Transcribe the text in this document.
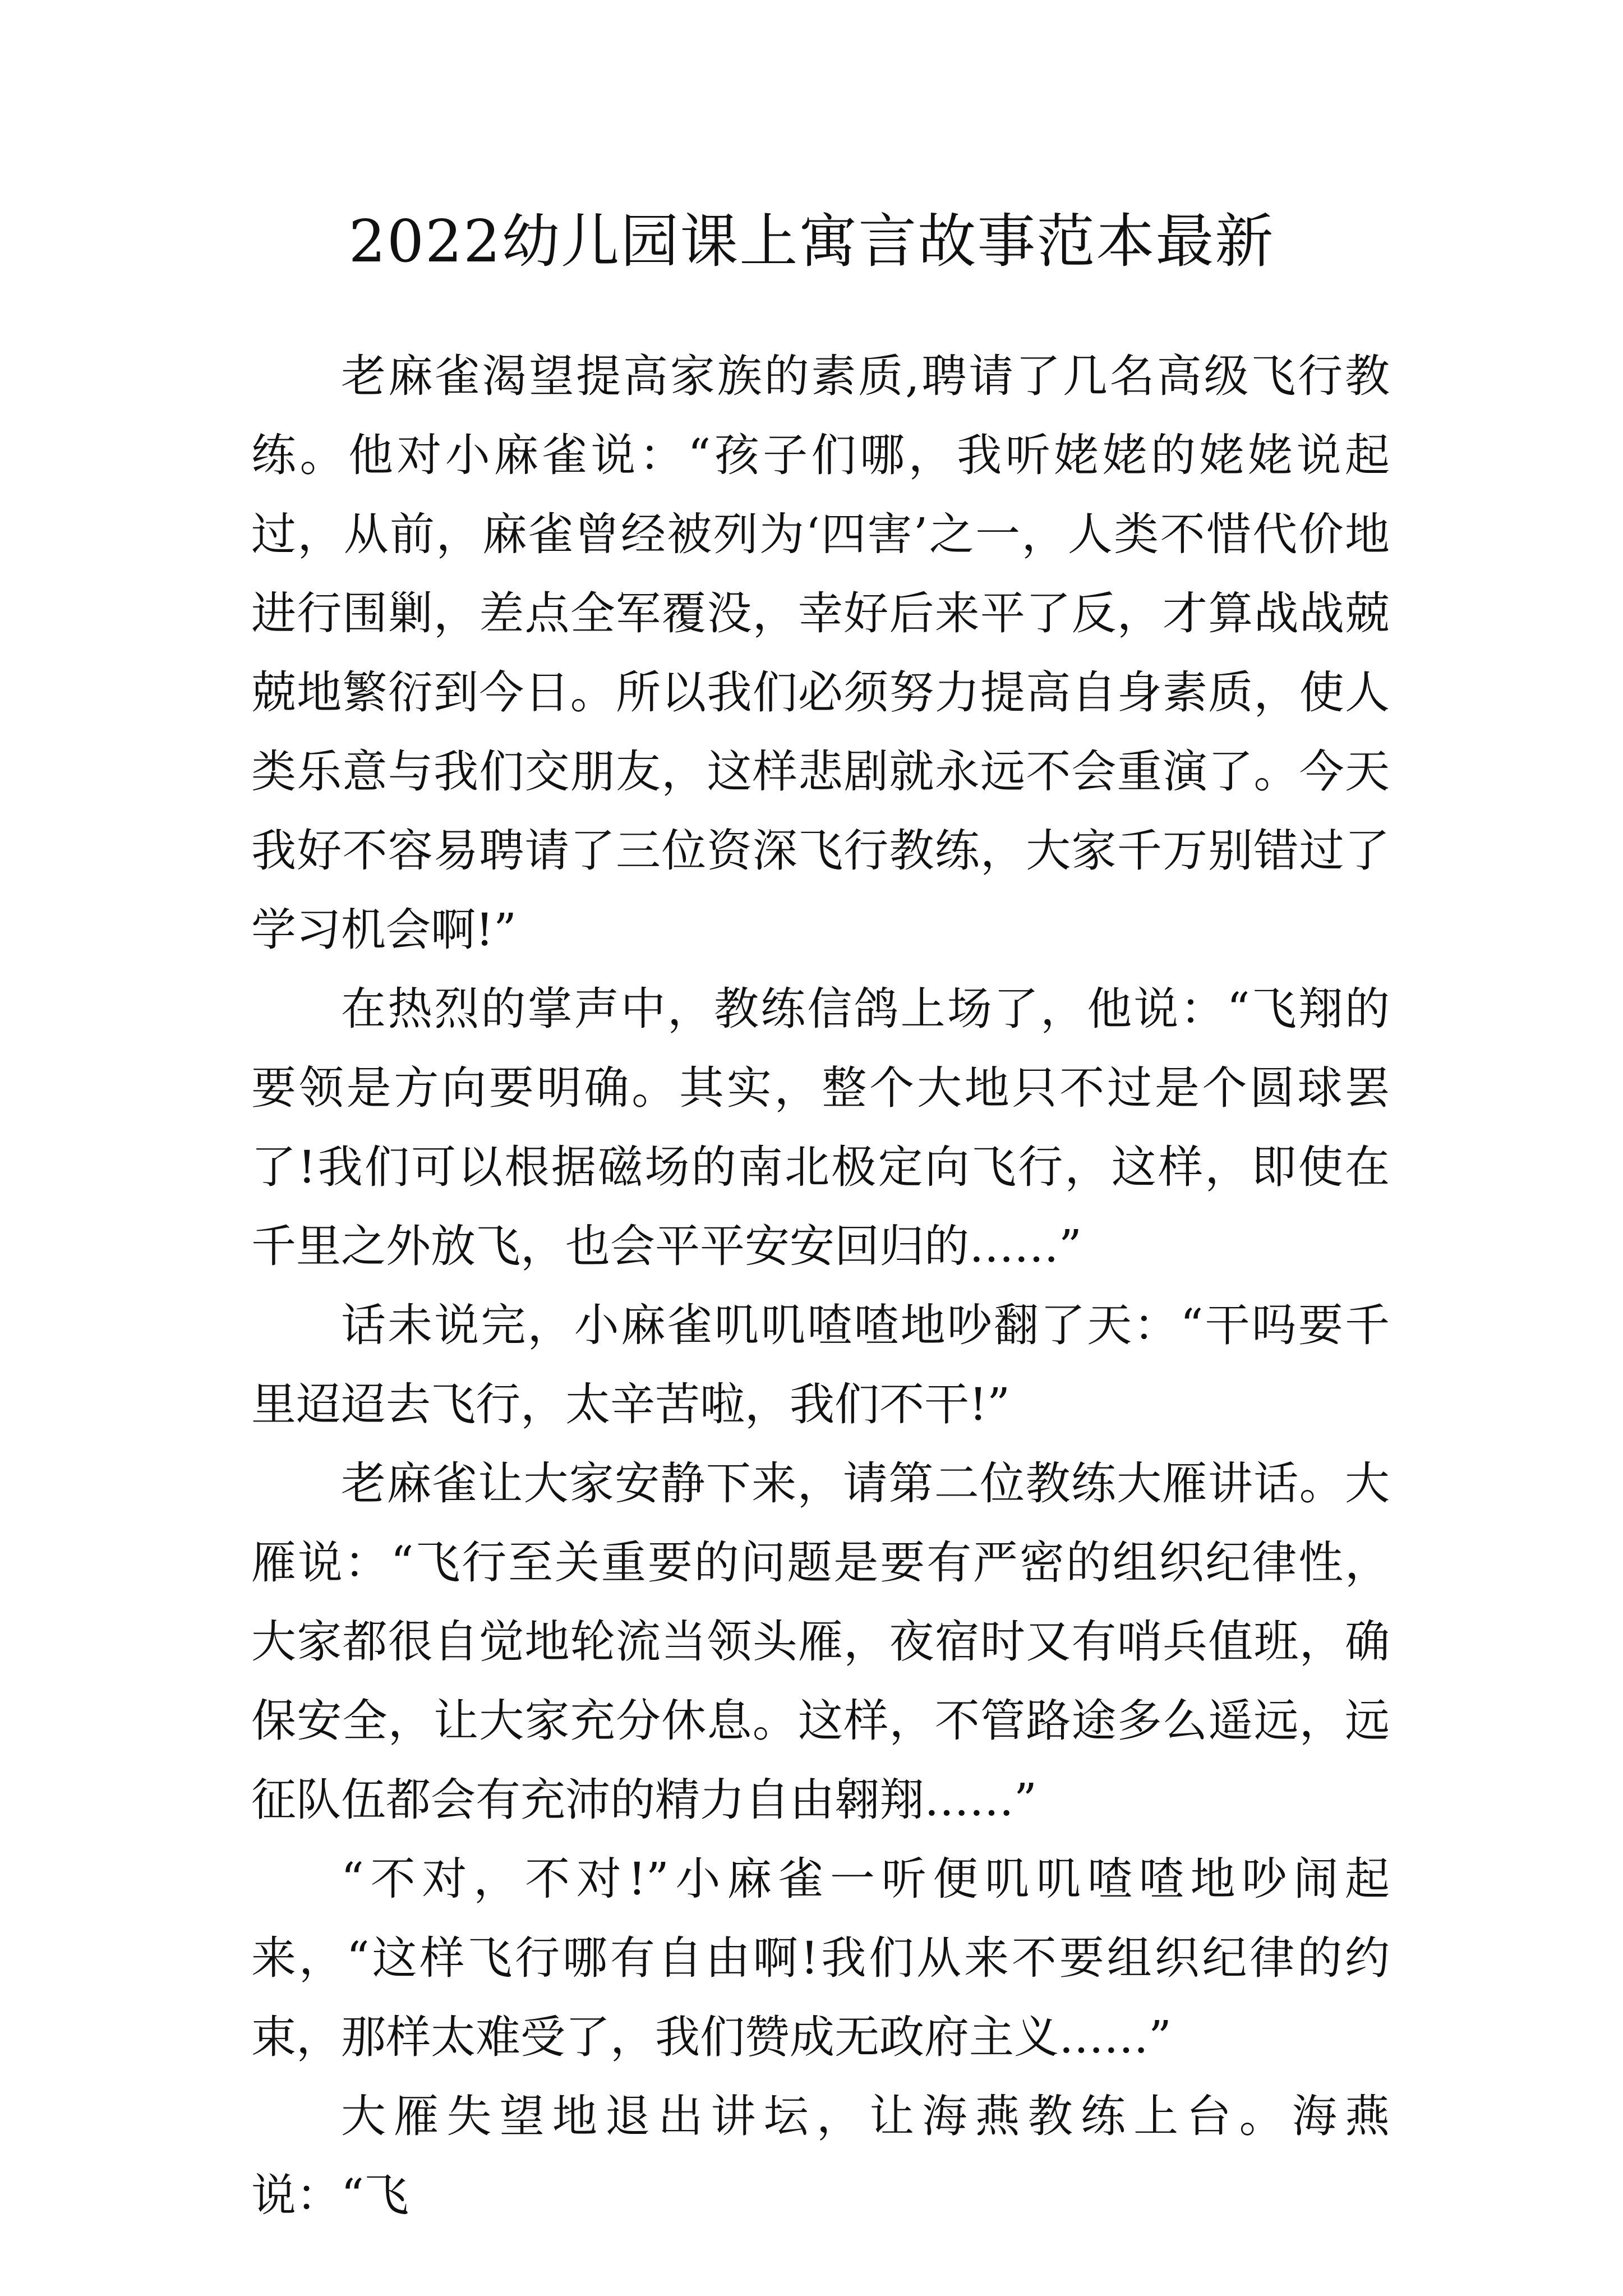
2022幼儿园课上寓言故事范本最新

老麻雀渴望提高家族的素质,聘请了几名高级飞行教练。他对小麻雀说：“孩子们哪，我听姥姥的姥姥说起过，从前，麻雀曾经被列为‘四害’之一，人类不惜代价地进行围剿，差点全军覆没，幸好后来平了反，才算战战兢兢地繁衍到今日。所以我们必须努力提高自身素质，使人类乐意与我们交朋友，这样悲剧就永远不会重演了。今天我好不容易聘请了三位资深飞行教练，大家千万别错过了学习机会啊!”

在热烈的掌声中，教练信鸽上场了，他说：“飞翔的要领是方向要明确。其实，整个大地只不过是个圆球罢了!我们可以根据磁场的南北极定向飞行，这样，即使在千里之外放飞，也会平平安安回归的……”

话未说完，小麻雀叽叽喳喳地吵翻了天：“干吗要千里迢迢去飞行，太辛苦啦，我们不干!”

老麻雀让大家安静下来，请第二位教练大雁讲话。大雁说：“飞行至关重要的问题是要有严密的组织纪律性，大家都很自觉地轮流当领头雁，夜宿时又有哨兵值班，确保安全，让大家充分休息。这样，不管路途多么遥远，远征队伍都会有充沛的精力自由翱翔……”

“不对，不对!”小麻雀一听便叽叽喳喳地吵闹起来，“这样飞行哪有自由啊!我们从来不要组织纪律的约束，那样太难受了，我们赞成无政府主义……”

大雁失望地退出讲坛，让海燕教练上台。海燕说：“飞
